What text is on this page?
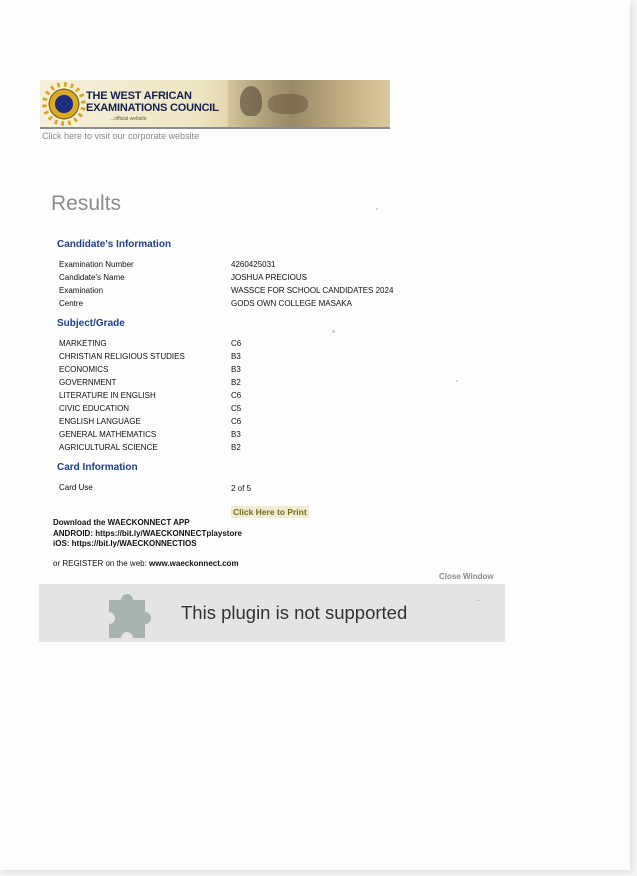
THE WEST AFRICAN
EXAMINATIONS COUNCIL
...official website
Click here to visit our corporate website
Results
Candidate's Information
Examination Number	4260425031
Candidate's Name	JOSHUA PRECIOUS
Examination	WASSCE FOR SCHOOL CANDIDATES 2024
Centre	GODS OWN COLLEGE MASAKA
Subject/Grade
MARKETING	C6
CHRISTIAN RELIGIOUS STUDIES	B3
ECONOMICS	B3
GOVERNMENT	B2
LITERATURE IN ENGLISH	C6
CIVIC EDUCATION	C5
ENGLISH LANGUAGE	C6
GENERAL MATHEMATICS	B3
AGRICULTURAL SCIENCE	B2
Card Information
Card Use	2 of 5
Click Here to Print
Download the WAECKONNECT APP
ANDROID: https://bit.ly/WAECKONNECTplaystore
iOS: https://bit.ly/WAECKONNECTIOS
or REGISTER on the web: www.waeckonnect.com
Close Window
This plugin is not supported
